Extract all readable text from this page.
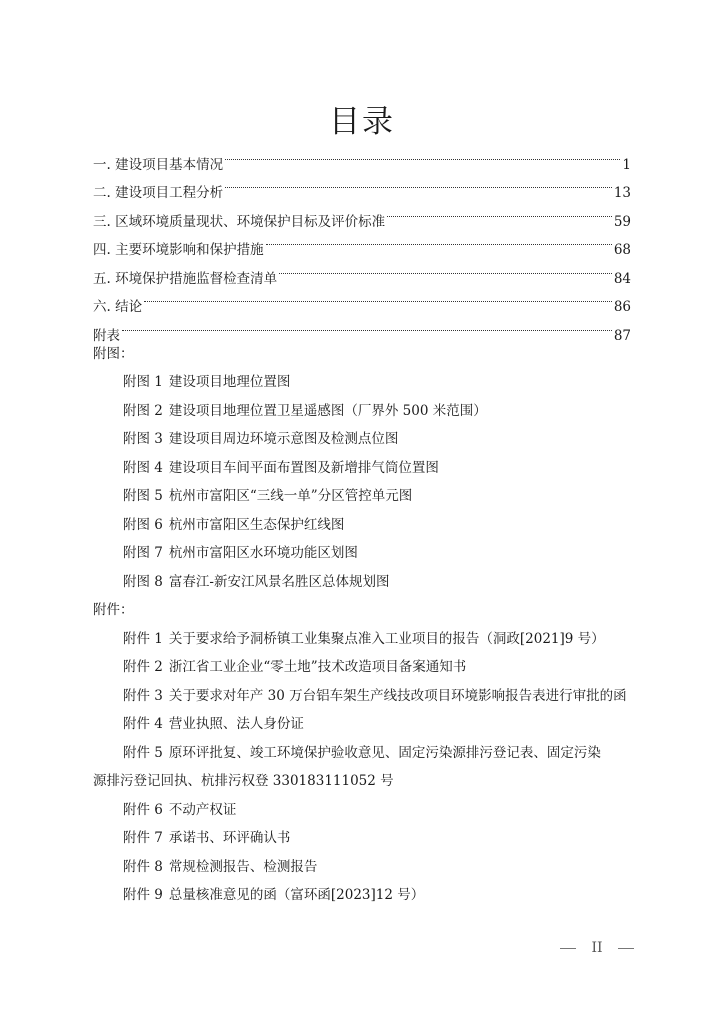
目录
一. 建设项目基本情况	1
二. 建设项目工程分析	13
三. 区域环境质量现状、环境保护目标及评价标准	59
四. 主要环境影响和保护措施	68
五. 环境保护措施监督检查清单	84
六. 结论	86
附表	87
附图：
附图 1 建设项目地理位置图
附图 2 建设项目地理位置卫星遥感图（厂界外 500 米范围）
附图 3 建设项目周边环境示意图及检测点位图
附图 4 建设项目车间平面布置图及新增排气筒位置图
附图 5 杭州市富阳区“三线一单”分区管控单元图
附图 6 杭州市富阳区生态保护红线图
附图 7 杭州市富阳区水环境功能区划图
附图 8 富春江-新安江风景名胜区总体规划图
附件：
附件 1 关于要求给予洞桥镇工业集聚点准入工业项目的报告（洞政[2021]9 号）
附件 2 浙江省工业企业“零土地”技术改造项目备案通知书
附件 3 关于要求对年产 30 万台铝车架生产线技改项目环境影响报告表进行审批的函
附件 4 营业执照、法人身份证
附件 5 原环评批复、竣工环境保护验收意见、固定污染源排污登记表、固定污染
源排污登记回执、杭排污权登 330183111052 号
附件 6 不动产权证
附件 7 承诺书、环评确认书
附件 8 常规检测报告、检测报告
附件 9 总量核准意见的函（富环函[2023]12 号）
II
